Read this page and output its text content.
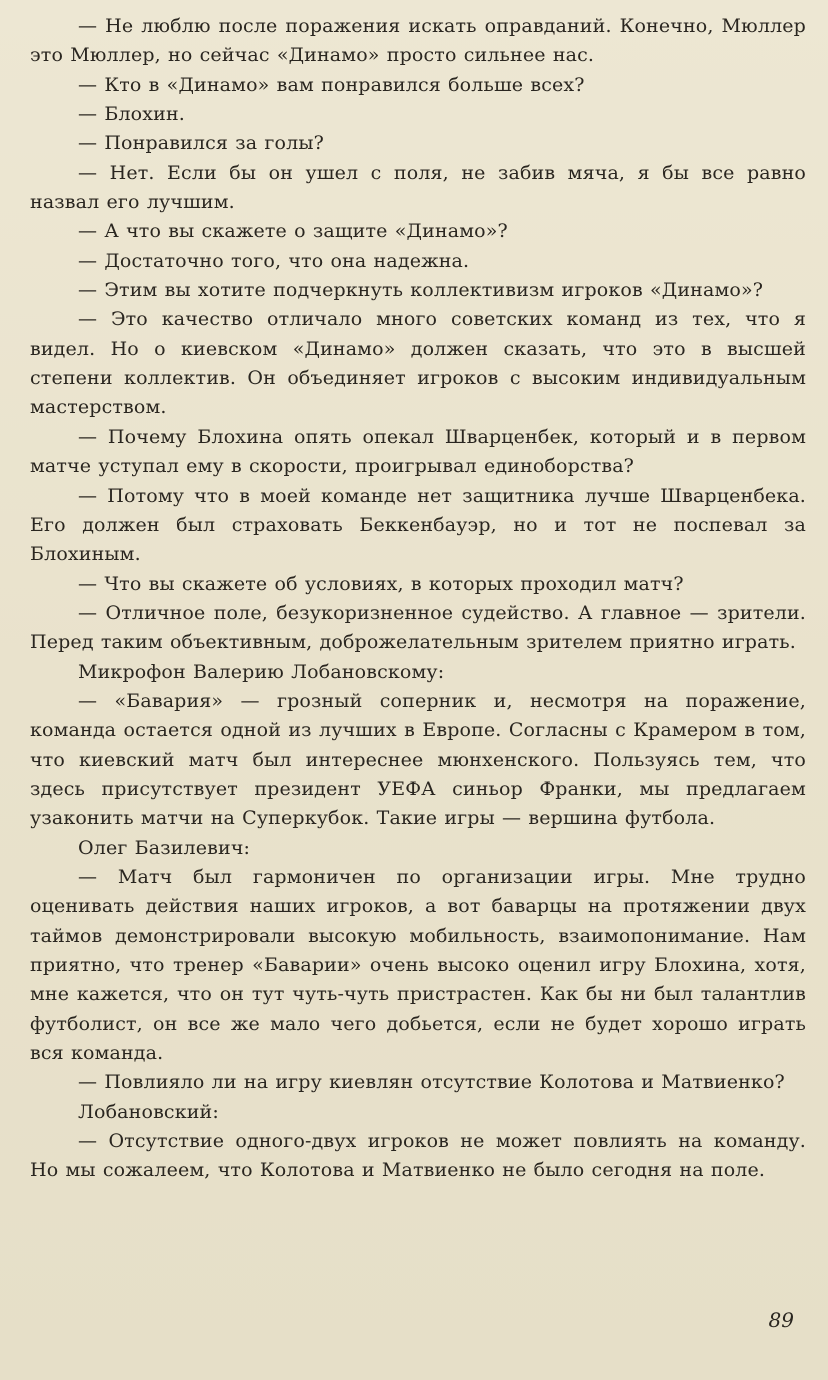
— Не люблю после поражения искать оправданий. Конечно, Мюллер это Мюллер, но сейчас «Динамо» просто сильнее нас.

— Кто в «Динамо» вам понравился больше всех?

— Блохин.

— Понравился за голы?

— Нет. Если бы он ушел с поля, не забив мяча, я бы все равно назвал его лучшим.

— А что вы скажете о защите «Динамо»?

— Достаточно того, что она надежна.

— Этим вы хотите подчеркнуть коллективизм игроков «Динамо»?

— Это качество отличало много советских команд из тех, что я видел. Но о киевском «Динамо» должен сказать, что это в высшей степени коллектив. Он объединяет игроков с высоким индивидуальным мастерством.

— Почему Блохина опять опекал Шварценбек, который и в первом матче уступал ему в скорости, проигрывал единоборства?

— Потому что в моей команде нет защитника лучше Шварценбека. Его должен был страховать Беккенбауэр, но и тот не поспевал за Блохиным.

— Что вы скажете об условиях, в которых проходил матч?

— Отличное поле, безукоризненное судейство. А главное — зрители. Перед таким объективным, доброжелательным зрителем приятно играть.

Микрофон Валерию Лобановскому:

— «Бавария» — грозный соперник и, несмотря на поражение, команда остается одной из лучших в Европе. Согласны с Крамером в том, что киевский матч был интереснее мюнхенского. Пользуясь тем, что здесь присутствует президент УЕФА синьор Франки, мы предлагаем узаконить матчи на Суперкубок. Такие игры — вершина футбола.

Олег Базилевич:

— Матч был гармоничен по организации игры. Мне трудно оценивать действия наших игроков, а вот баварцы на протяжении двух таймов демонстрировали высокую мобильность, взаимопонимание. Нам приятно, что тренер «Баварии» очень высоко оценил игру Блохина, хотя, мне кажется, что он тут чуть-чуть пристрастен. Как бы ни был талантлив футболист, он все же мало чего добьется, если не будет хорошо играть вся команда.

— Повлияло ли на игру киевлян отсутствие Колотова и Матвиенко?

Лобановский:

— Отсутствие одного-двух игроков не может повлиять на команду. Но мы сожалеем, что Колотова и Матвиенко не было сегодня на поле.

89
